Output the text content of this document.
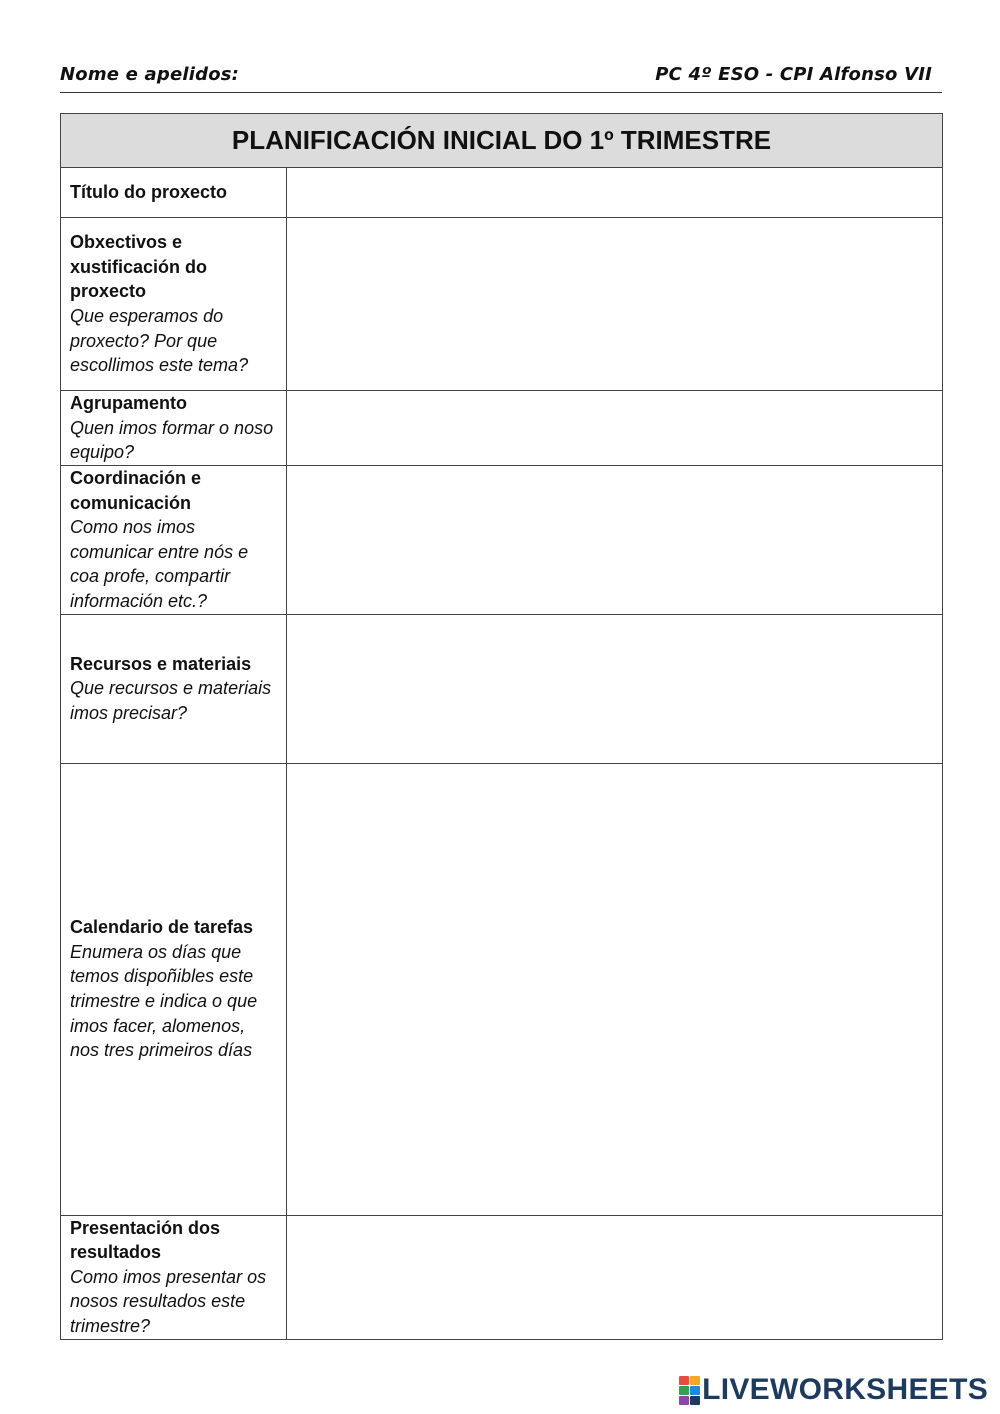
Nome e apelidos:	PC 4º ESO - CPI Alfonso VII
PLANIFICACIÓN INICIAL DO 1º TRIMESTRE	

Título do proxecto	

Obxectivos e xustificación do proxecto
Que esperamos do proxecto? Por que escollimos este tema?	

Agrupamento
Quen imos formar o noso equipo?	

Coordinación e comunicación
Como nos imos comunicar entre nós e coa profe, compartir información etc.?	

Recursos e materiais
Que recursos e materiais imos precisar?	

Calendario de tarefas
Enumera os días que temos dispoñibles este trimestre e indica o que imos facer, alomenos, nos tres primeiros días	

Presentación dos resultados
Como imos presentar os nosos resultados este trimestre?	

LIVEWORKSHEETS
